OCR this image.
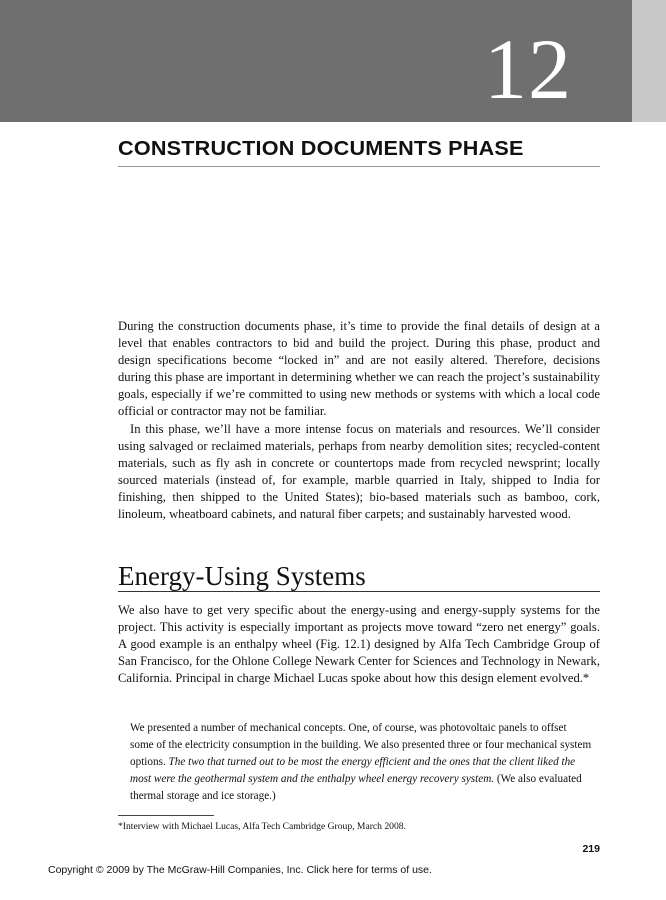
12
CONSTRUCTION DOCUMENTS PHASE

During the construction documents phase, it’s time to provide the final details of design at a level that enables contractors to bid and build the project. During this phase, product and design specifications become “locked in” and are not easily altered. Therefore, decisions during this phase are important in determining whether we can reach the project’s sustainability goals, especially if we’re committed to using new methods or systems with which a local code official or contractor may not be familiar.

In this phase, we’ll have a more intense focus on materials and resources. We’ll consider using salvaged or reclaimed materials, perhaps from nearby demolition sites; recycled-content materials, such as fly ash in concrete or countertops made from recycled newsprint; locally sourced materials (instead of, for example, marble quarried in Italy, shipped to India for finishing, then shipped to the United States); bio-based materials such as bamboo, cork, linoleum, wheatboard cabinets, and natural fiber carpets; and sustainably harvested wood.

Energy-Using Systems

We also have to get very specific about the energy-using and energy-supply systems for the project. This activity is especially important as projects move toward “zero net energy” goals. A good example is an enthalpy wheel (Fig. 12.1) designed by Alfa Tech Cambridge Group of San Francisco, for the Ohlone College Newark Center for Sciences and Technology in Newark, California. Principal in charge Michael Lucas spoke about how this design element evolved.*

We presented a number of mechanical concepts. One, of course, was photovoltaic panels to offset some of the electricity consumption in the building. We also presented three or four mechanical system options. The two that turned out to be most the energy efficient and the ones that the client liked the most were the geothermal system and the enthalpy wheel energy recovery system. (We also evaluated thermal storage and ice storage.)

*Interview with Michael Lucas, Alfa Tech Cambridge Group, March 2008.
219
Copyright © 2009 by The McGraw-Hill Companies, Inc. Click here for terms of use.
